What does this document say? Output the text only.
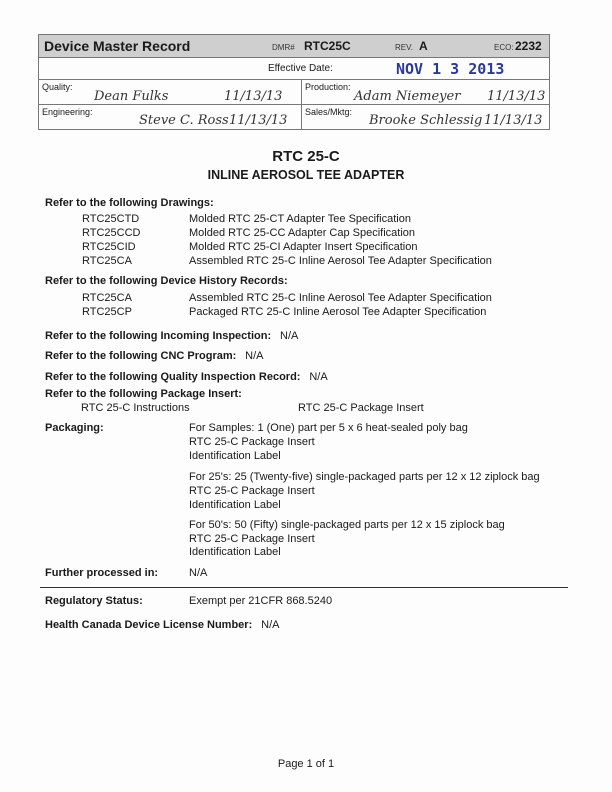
Device Master Record	DMR# RTC25C	REV. A	ECO: 2232
Effective Date:	NOV 1 3 2013
Quality:
Dean Fulks	11/13/13
Production:
Adam Niemeyer 11/13/13
Engineering:
Steve C. Ross 11/13/13
Sales/Mktg:
Brooke Schlessig 11/13/13
RTC 25-C
INLINE AEROSOL TEE ADAPTER
Refer to the following Drawings:
RTC25CTD	Molded RTC 25-CT Adapter Tee Specification
RTC25CCD	Molded RTC 25-CC Adapter Cap Specification
RTC25CID	Molded RTC 25-CI Adapter Insert Specification
RTC25CA	Assembled RTC 25-C Inline Aerosol Tee Adapter Specification
Refer to the following Device History Records:
RTC25CA	Assembled RTC 25-C Inline Aerosol Tee Adapter Specification
RTC25CP	Packaged RTC 25-C Inline Aerosol Tee Adapter Specification
Refer to the following Incoming Inspection: N/A
Refer to the following CNC Program: N/A
Refer to the following Quality Inspection Record: N/A
Refer to the following Package Insert:
RTC 25-C Instructions	RTC 25-C Package Insert
Packaging:	For Samples: 1 (One) part per 5 x 6 heat-sealed poly bag
RTC 25-C Package Insert
Identification Label
For 25's: 25 (Twenty-five) single-packaged parts per 12 x 12 ziplock bag
RTC 25-C Package Insert
Identification Label
For 50's: 50 (Fifty) single-packaged parts per 12 x 15 ziplock bag
RTC 25-C Package Insert
Identification Label
Further processed in:	N/A
Regulatory Status:	Exempt per 21CFR 868.5240
Health Canada Device License Number: N/A
Page 1 of 1
